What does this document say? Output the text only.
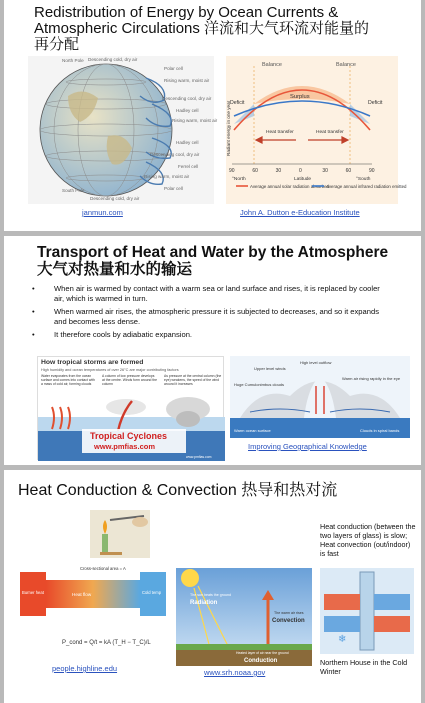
Redistribution of Energy by Ocean Currents &
Atmospheric Circulations 洋流和大气环流对能量的
再分配
North Pole Descending cold, dry air
Polar cell
Rising warm, moist air
Descending cool, dry air
Hadley cell
Rising warm, moist air
Hadley cell
Descending cool, dry air
Ferrel cell
Rising warm, moist air
Polar cell
South Pole
Descending cold, dry air
janmun.com
Balance	Balance
Surplus
Deficit	Deficit
Heat transfer	Heat transfer
90	60	30	0	30	60	90
°North	Latitude	°South
Radiant energy in one year
Average annual solar radiation absorbed
Average annual infrared radiation emitted
John A. Dutton e-Education Institute
Transport of Heat and Water by the Atmosphere
大气对热量和水的输运
• When air is warmed by contact with a warm sea or land surface and rises, it is replaced by cooler air, which is warmed in turn.
• When warmed air rises, the atmospheric pressure it is subjected to decreases, and so it expands and becomes less dense.
• It therefore cools by adiabatic expansion.
How tropical storms are formed
High humidity and ocean temperatures of over 26°C are major contributing factors
Water evaporates from the ocean surface and comes into contact with a mass of cold air, forming clouds
A column of low pressure develops at the centre. Winds form around the column
As pressure at the central column (the eye) weakens, the speed of the wind around it increases
Tropical Cyclones
www.pmfias.com
www.pmfias.com
High level outflow
Upper level winds
Huge Cumulonimbus clouds
Warm air rising rapidly in the eye
Warm ocean surface	Clouds in spiral bands
Improving Geographical Knowledge
Heat Conduction & Convection 热导和热对流
Cross-sectional area = A
Burner heat	Heat flow	Cold temp
P_cond = Q/t = kA (T_H − T_C)/L
people.highline.edu
The sun heats the ground
Radiation
The warm air rises
Convection
Heated layer of air near the ground
Conduction
www.srh.noaa.gov
Heat conduction (between the two layers of glass) is slow; Heat convection (out/indoor) is fast
❄
Northern House in the Cold Winter
